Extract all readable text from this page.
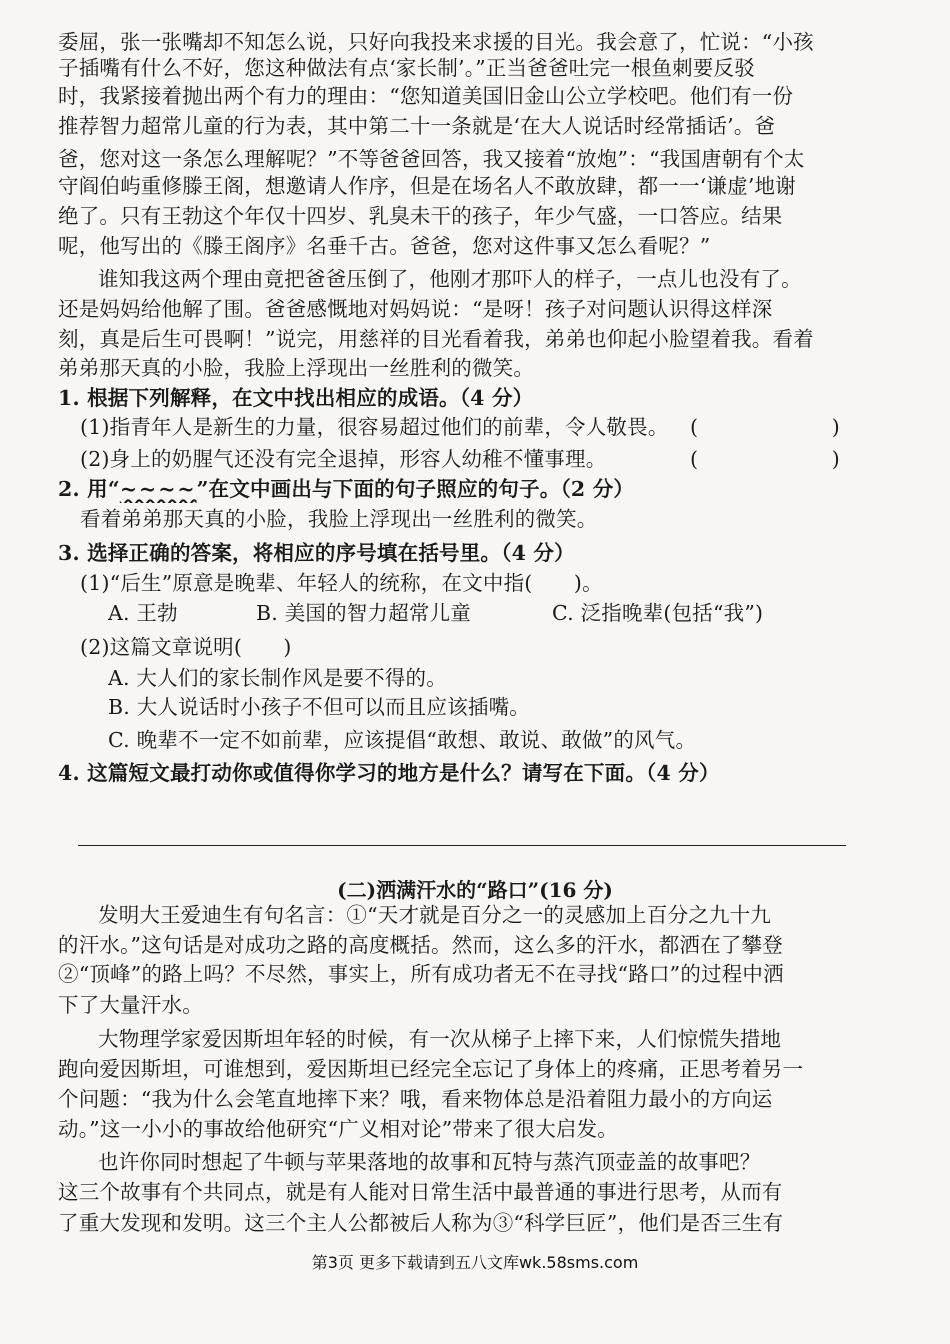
委屈，张一张嘴却不知怎么说，只好向我投来求援的目光。我会意了，忙说：“小孩
子插嘴有什么不好，您这种做法有点‘家长制’。”正当爸爸吐完一根鱼刺要反驳
时，我紧接着抛出两个有力的理由：“您知道美国旧金山公立学校吧。他们有一份
推荐智力超常儿童的行为表，其中第二十一条就是‘在大人说话时经常插话’。爸
爸，您对这一条怎么理解呢？”不等爸爸回答，我又接着“放炮”：“我国唐朝有个太
守阎伯屿重修滕王阁，想邀请人作序，但是在场名人不敢放肆，都一一‘谦虚’地谢
绝了。只有王勃这个年仅十四岁、乳臭未干的孩子，年少气盛，一口答应。结果
呢，他写出的《滕王阁序》名垂千古。爸爸，您对这件事又怎么看呢？”
谁知我这两个理由竟把爸爸压倒了，他刚才那吓人的样子，一点儿也没有了。
还是妈妈给他解了围。爸爸感慨地对妈妈说：“是呀！孩子对问题认识得这样深
刻，真是后生可畏啊！”说完，用慈祥的目光看着我，弟弟也仰起小脸望着我。看着
弟弟那天真的小脸，我脸上浮现出一丝胜利的微笑。
1. 根据下列解释，在文中找出相应的成语。（4 分）
(1)指青年人是新生的力量，很容易超过他们的前辈，令人敬畏。 (	)
(2)身上的奶腥气还没有完全退掉，形容人幼稚不懂事理。	(	)
2. 用“~~~~”在文中画出与下面的句子照应的句子。（2 分）
看着弟弟那天真的小脸，我脸上浮现出一丝胜利的微笑。
3. 选择正确的答案，将相应的序号填在括号里。（4 分）
(1)“后生”原意是晚辈、年轻人的统称，在文中指(　　)。
A. 王勃	B. 美国的智力超常儿童	C. 泛指晚辈(包括“我”)
(2)这篇文章说明(　　)
A. 大人们的家长制作风是要不得的。
B. 大人说话时小孩子不但可以而且应该插嘴。
C. 晚辈不一定不如前辈，应该提倡“敢想、敢说、敢做”的风气。
4. 这篇短文最打动你或值得你学习的地方是什么？请写在下面。（4 分）
(二)洒满汗水的“路口”(16 分)
发明大王爱迪生有句名言：①“天才就是百分之一的灵感加上百分之九十九
的汗水。”这句话是对成功之路的高度概括。然而，这么多的汗水，都洒在了攀登
②“顶峰”的路上吗？不尽然，事实上，所有成功者无不在寻找“路口”的过程中洒
下了大量汗水。
大物理学家爱因斯坦年轻的时候，有一次从梯子上摔下来，人们惊慌失措地
跑向爱因斯坦，可谁想到，爱因斯坦已经完全忘记了身体上的疼痛，正思考着另一
个问题：“我为什么会笔直地摔下来？哦，看来物体总是沿着阻力最小的方向运
动。”这一小小的事故给他研究“广义相对论”带来了很大启发。
也许你同时想起了牛顿与苹果落地的故事和瓦特与蒸汽顶壶盖的故事吧？
这三个故事有个共同点，就是有人能对日常生活中最普通的事进行思考，从而有
了重大发现和发明。这三个主人公都被后人称为③“科学巨匠”，他们是否三生有
第3页 更多下载请到五八文库wk.58sms.com
